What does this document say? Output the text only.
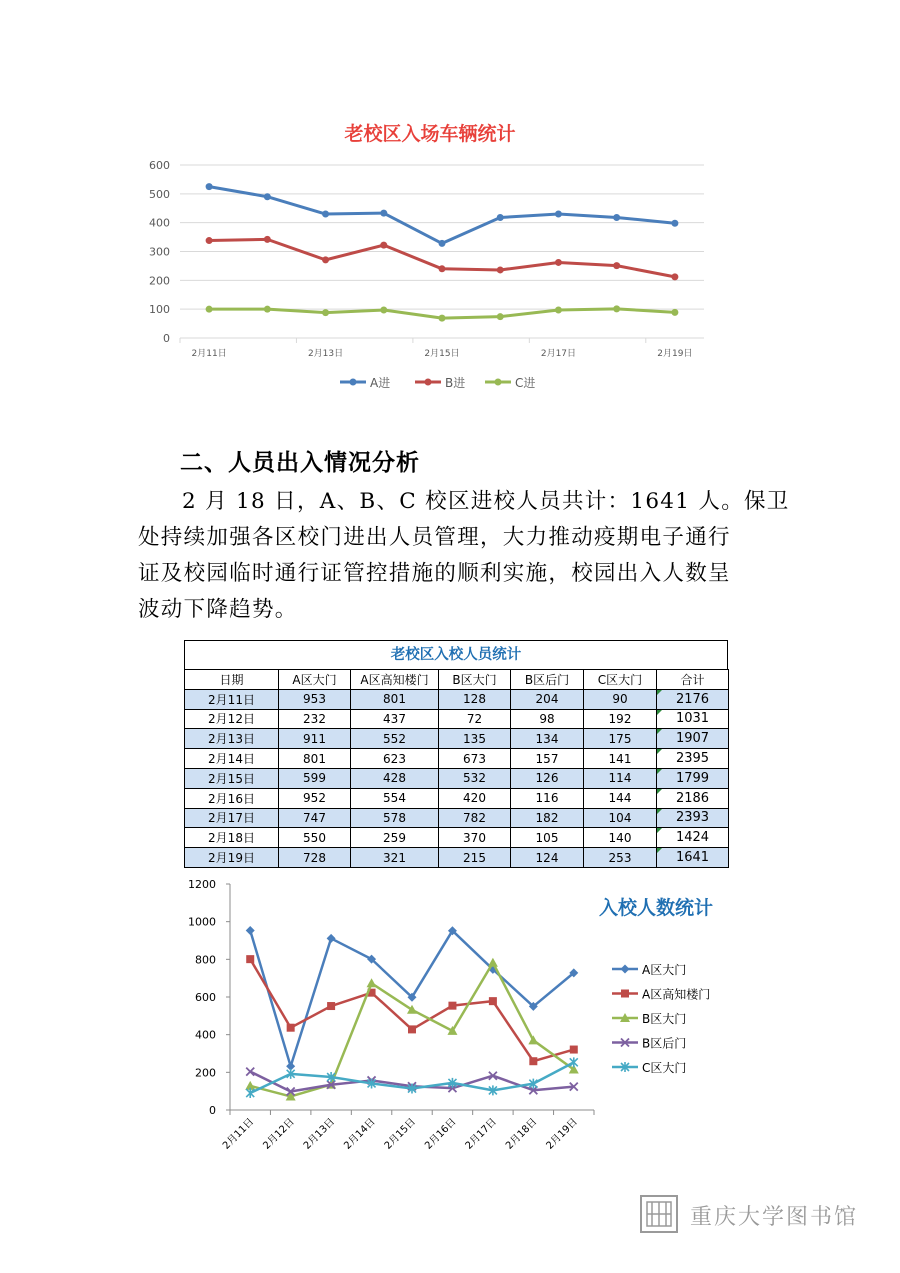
老校区入场车辆统计
0
100
200
300
400
500
600
2月11日	2月13日	2月15日	2月17日	2月19日
A进	B进	C进
二、人员出入情况分析
2 月 18 日，A、B、C 校区进校人员共计：1641 人。保卫
处持续加强各区校门进出人员管理，大力推动疫期电子通行
证及校园临时通行证管控措施的顺利实施，校园出入人数呈
波动下降趋势。
老校区入校人员统计
日期	A区大门	A区高知楼门	B区大门	B区后门	C区大门	合计
2月11日	953	801	128	204	90	2176
2月12日	232	437	72	98	192	1031
2月13日	911	552	135	134	175	1907
2月14日	801	623	673	157	141	2395
2月15日	599	428	532	126	114	1799
2月16日	952	554	420	116	144	2186
2月17日	747	578	782	182	104	2393
2月18日	550	259	370	105	140	1424
2月19日	728	321	215	124	253	1641
入校人数统计
0
200
400
600
800
1000
1200
2月11日 2月12日 2月13日 2月14日 2月15日 2月16日 2月17日 2月18日 2月19日
A区大门
A区高知楼门
B区大门
B区后门
C区大门
重庆大学图书馆
